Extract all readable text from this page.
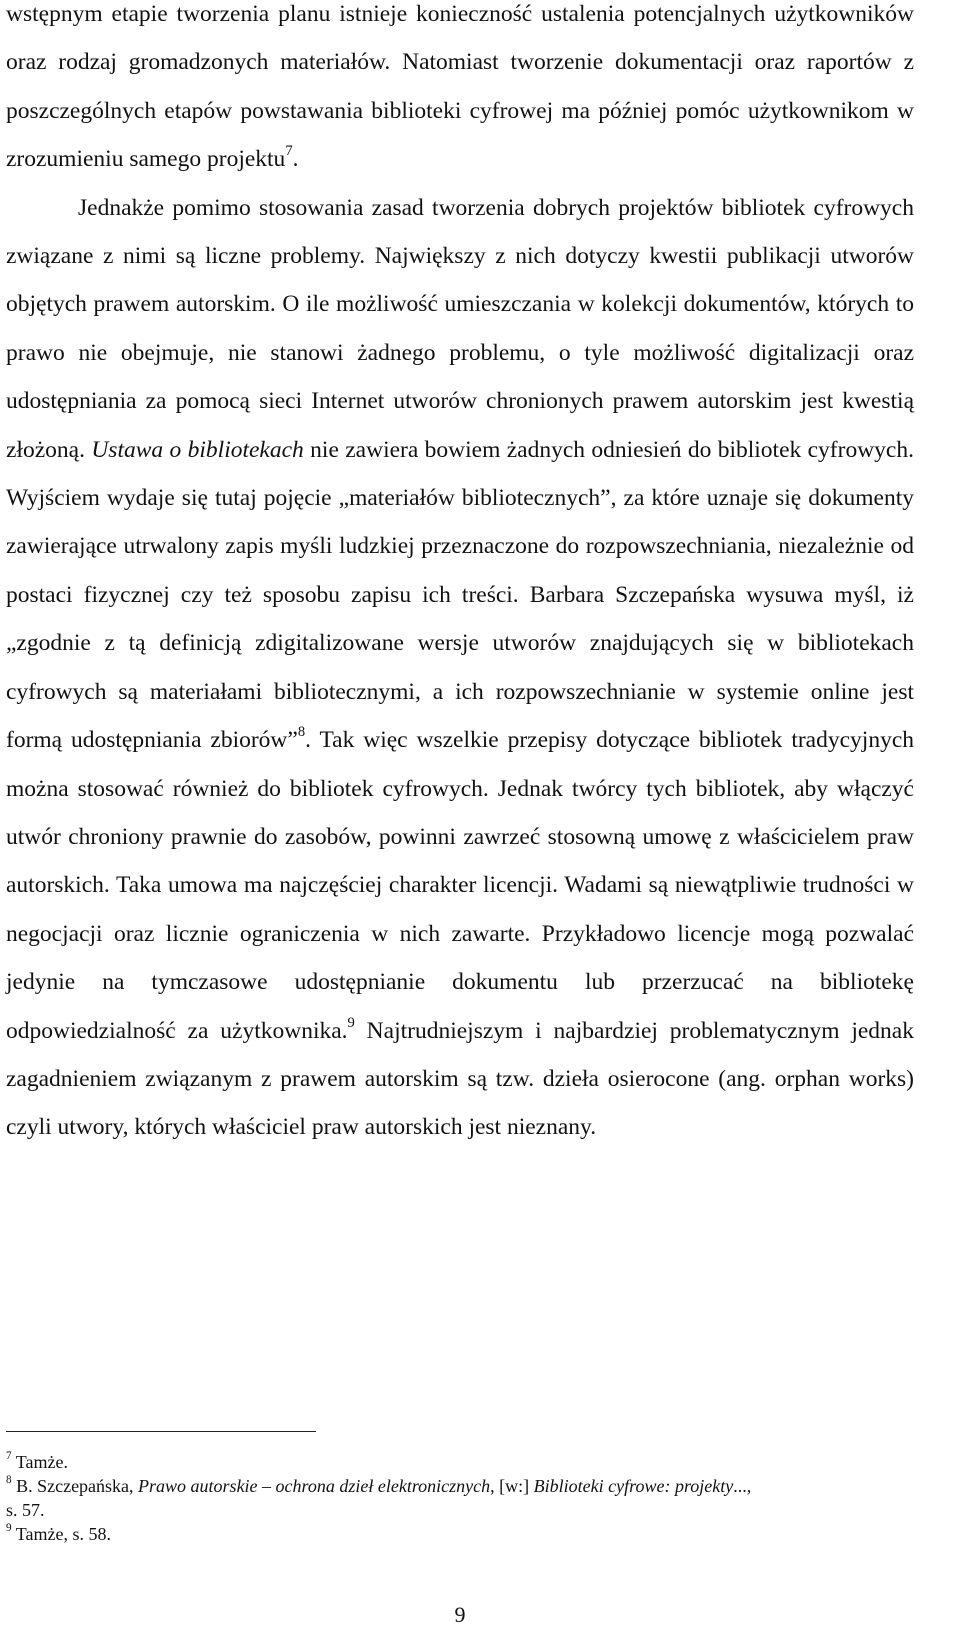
wstępnym etapie tworzenia planu istnieje konieczność ustalenia potencjalnych użytkowników oraz rodzaj gromadzonych materiałów. Natomiast tworzenie dokumentacji oraz raportów z poszczególnych etapów powstawania biblioteki cyfrowej ma później pomóc użytkownikom w zrozumieniu samego projektu$^7$.
Jednakże pomimo stosowania zasad tworzenia dobrych projektów bibliotek cyfrowych związane z nimi są liczne problemy. Największy z nich dotyczy kwestii publikacji utworów objętych prawem autorskim. O ile możliwość umieszczania w kolekcji dokumentów, których to prawo nie obejmuje, nie stanowi żadnego problemu, o tyle możliwość digitalizacji oraz udostępniania za pomocą sieci Internet utworów chronionych prawem autorskim jest kwestią złożoną. Ustawa o bibliotekach nie zawiera bowiem żadnych odniesień do bibliotek cyfrowych. Wyjściem wydaje się tutaj pojęcie „materiałów bibliotecznych”, za które uznaje się dokumenty zawierające utrwalony zapis myśli ludzkiej przeznaczone do rozpowszechniania, niezależnie od postaci fizycznej czy też sposobu zapisu ich treści. Barbara Szczepańska wysuwa myśl, iż „zgodnie z tą definicją zdigitalizowane wersje utworów znajdujących się w bibliotekach cyfrowych są materiałami bibliotecznymi, a ich rozpowszechnianie w systemie online jest formą udostępniania zbiorów”$^8$. Tak więc wszelkie przepisy dotyczące bibliotek tradycyjnych można stosować również do bibliotek cyfrowych. Jednak twórcy tych bibliotek, aby włączyć utwór chroniony prawnie do zasobów, powinni zawrzeć stosowną umowę z właścicielem praw autorskich. Taka umowa ma najczęściej charakter licencji. Wadami są niewątpliwie trudności w negocjacji oraz licznie ograniczenia w nich zawarte. Przykładowo licencje mogą pozwalać jedynie na tymczasowe udostępnianie dokumentu lub przerzucać na bibliotekę odpowiedzialność za użytkownika.$^9$ Najtrudniejszym i najbardziej problematycznym jednak zagadnieniem związanym z prawem autorskim są tzw. dzieła osierocone (ang. orphan works) czyli utwory, których właściciel praw autorskich jest nieznany.

$^7$ Tamże.

$^8$ B. Szczepańska, Prawo autorskie – ochrona dzieł elektronicznych, [w:] Biblioteki cyfrowe: projekty...,

s. 57.

$^9$ Tamże, s. 58.

9
